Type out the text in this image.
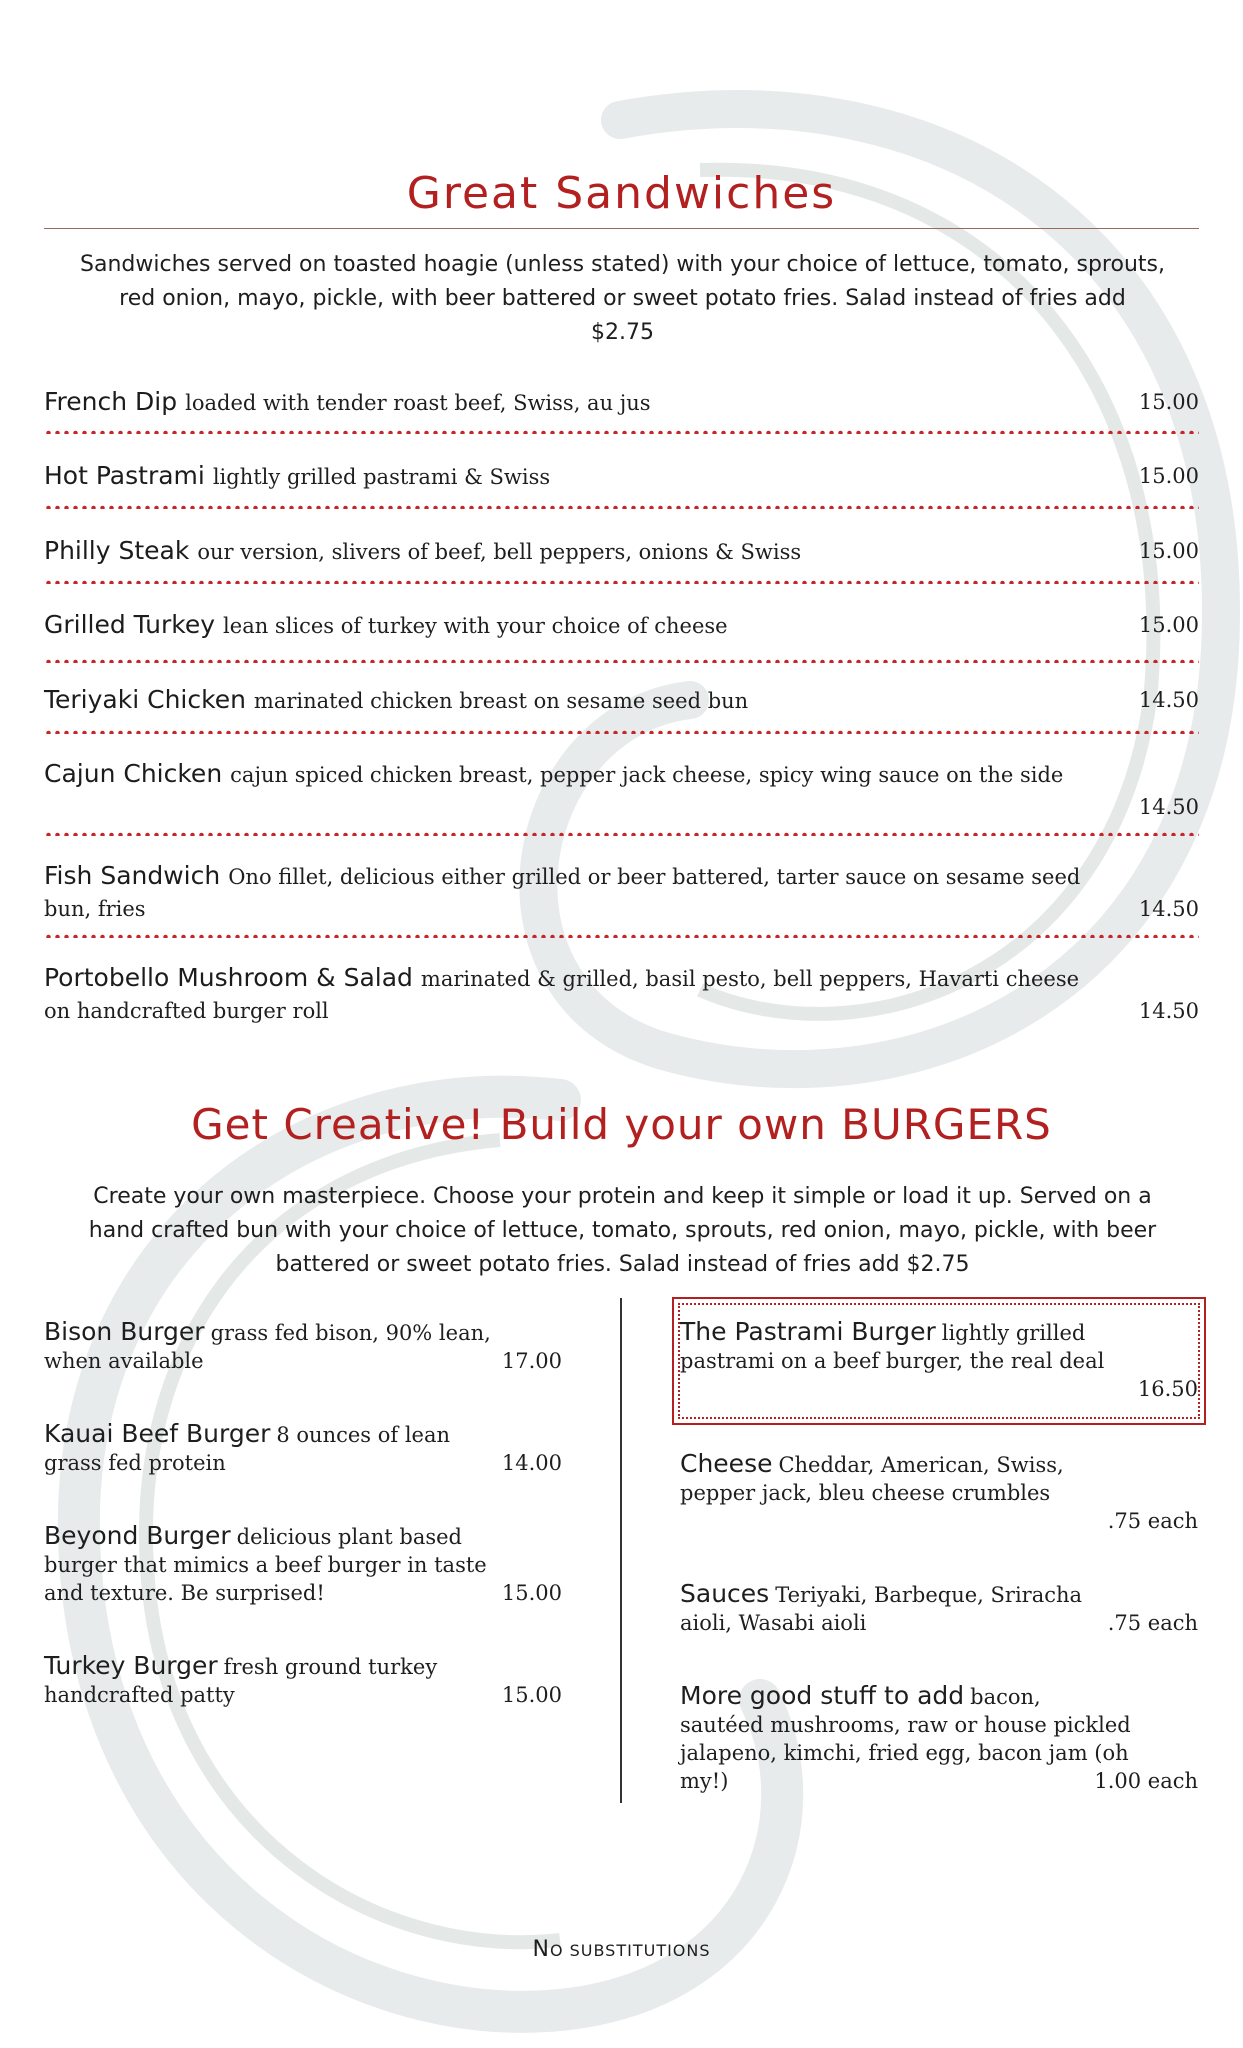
Great Sandwiches
Sandwiches served on toasted hoagie (unless stated) with your choice of lettuce, tomato, sprouts,
red onion, mayo, pickle, with beer battered or sweet potato fries. Salad instead of fries add
$2.75
French Dip loaded with tender roast beef, Swiss, au jus	15.00
Hot Pastrami lightly grilled pastrami & Swiss	15.00
Philly Steak our version, slivers of beef, bell peppers, onions & Swiss	15.00
Grilled Turkey lean slices of turkey with your choice of cheese	15.00
Teriyaki Chicken marinated chicken breast on sesame seed bun	14.50
Cajun Chicken cajun spiced chicken breast, pepper jack cheese, spicy wing sauce on the side
14.50
Fish Sandwich Ono fillet, delicious either grilled or beer battered, tarter sauce on sesame seed
bun, fries	14.50
Portobello Mushroom & Salad marinated & grilled, basil pesto, bell peppers, Havarti cheese
on handcrafted burger roll	14.50
Get Creative! Build your own BURGERS
Create your own masterpiece. Choose your protein and keep it simple or load it up. Served on a
hand crafted bun with your choice of lettuce, tomato, sprouts, red onion, mayo, pickle, with beer
battered or sweet potato fries. Salad instead of fries add $2.75
Bison Burger grass fed bison, 90% lean,
when available	17.00
Kauai Beef Burger 8 ounces of lean
grass fed protein	14.00
Beyond Burger delicious plant based
burger that mimics a beef burger in taste
and texture. Be surprised!	15.00
Turkey Burger fresh ground turkey
handcrafted patty	15.00
The Pastrami Burger lightly grilled
pastrami on a beef burger, the real deal
16.50
Cheese Cheddar, American, Swiss,
pepper jack, bleu cheese crumbles
.75 each
Sauces Teriyaki, Barbeque, Sriracha
aioli, Wasabi aioli	.75 each
More good stuff to add bacon,
sautéed mushrooms, raw or house pickled
jalapeno, kimchi, fried egg, bacon jam (oh
my!)	1.00 each
NO SUBSTITUTIONS
